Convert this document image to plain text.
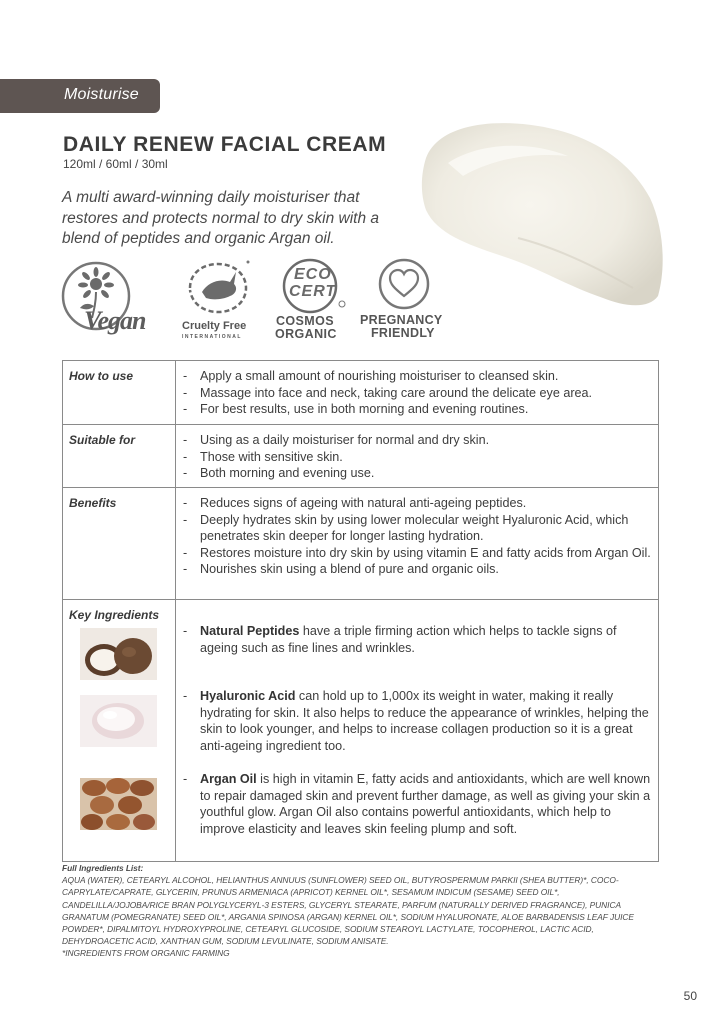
Moisturise
DAILY RENEW FACIAL CREAM
120ml / 60ml / 30ml
A multi award-winning daily moisturiser that restores and protects normal to dry skin with a blend of peptides and organic Argan oil.
Vegan	Cruelty Free
INTERNATIONAL
ECO
CERT
COSMOS
ORGANIC
PREGNANCY
FRIENDLY
How to use	- Apply a small amount of nourishing moisturiser to cleansed skin.
- Massage into face and neck, taking care around the delicate eye area.
- For best results, use in both morning and evening routines.
Suitable for	- Using as a daily moisturiser for normal and dry skin.
- Those with sensitive skin.
- Both morning and evening use.
Benefits	- Reduces signs of ageing with natural anti-ageing peptides.
- Deeply hydrates skin by using lower molecular weight Hyaluronic Acid, which penetrates skin deeper for longer lasting hydration.
- Restores moisture into dry skin by using vitamin E and fatty acids from Argan Oil.
- Nourishes skin using a blend of pure and organic oils.
Key Ingredients
- Natural Peptides have a triple firming action which helps to tackle signs of ageing such as fine lines and wrinkles.
- Hyaluronic Acid can hold up to 1,000x its weight in water, making it really hydrating for skin. It also helps to reduce the appearance of wrinkles, helping the skin to look younger, and helps to increase collagen production so it is a great anti-ageing ingredient too.
- Argan Oil is high in vitamin E, fatty acids and antioxidants, which are well known to repair damaged skin and prevent further damage, as well as giving your skin a youthful glow. Argan Oil also contains powerful antioxidants, which help to improve elasticity and leaves skin feeling plump and soft.
Full Ingredients List:
AQUA (WATER), CETEARYL ALCOHOL, HELIANTHUS ANNUUS (SUNFLOWER) SEED OIL, BUTYROSPERMUM PARKII (SHEA BUTTER)*, COCO-CAPRYLATE/CAPRATE, GLYCERIN, PRUNUS ARMENIACA (APRICOT) KERNEL OIL*, SESAMUM INDICUM (SESAME) SEED OIL*, CANDELILLA/JOJOBA/RICE BRAN POLYGLYCERYL-3 ESTERS, GLYCERYL STEARATE, PARFUM (NATURALLY DERIVED FRAGRANCE), PUNICA GRANATUM (POMEGRANATE) SEED OIL*, ARGANIA SPINOSA (ARGAN) KERNEL OIL*, SODIUM HYALURONATE, ALOE BARBADENSIS LEAF JUICE POWDER*, DIPALMITOYL HYDROXYPROLINE, CETEARYL GLUCOSIDE, SODIUM STEAROYL LACTYLATE, TOCOPHEROL, LACTIC ACID, DEHYDROACETIC ACID, XANTHAN GUM, SODIUM LEVULINATE, SODIUM ANISATE.
*INGREDIENTS FROM ORGANIC FARMING
50
